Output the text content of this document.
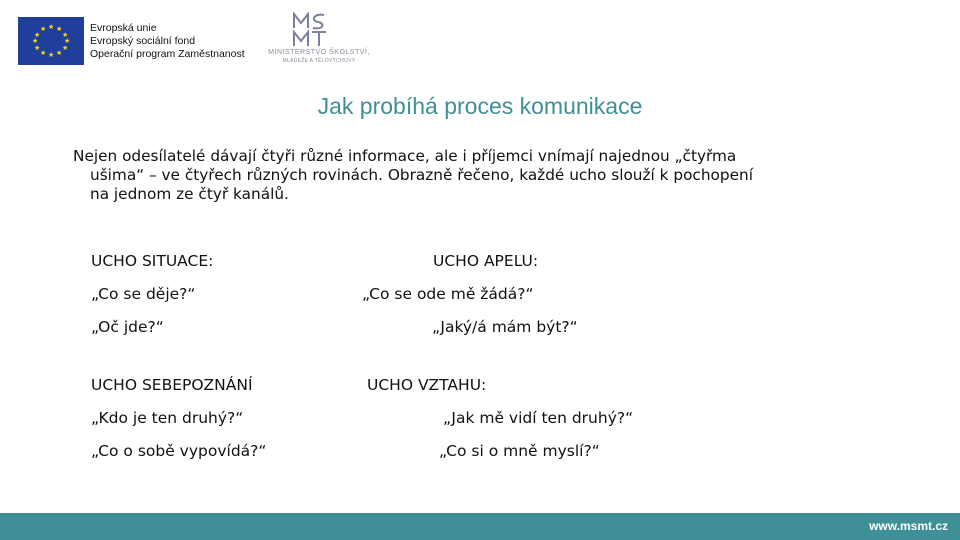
★ ★
★
★
★
★
★
★
★
★
★
★	Evropská unie
Evropský sociální fond
Operační program Zaměstnanost	MINISTERSTVO ŠKOLSTVÍ,
MLÁDEŽE A TĚLOVÝCHOVY
Jak probíhá proces komunikace
Nejen odesílatelé dávají čtyři různé informace, ale i příjemci vnímají najednou „čtyřma
ušima“ – ve čtyřech různých rovinách. Obrazně řečeno, každé ucho slouží k pochopení
na jednom ze čtyř kanálů.
UCHO SITUACE:
„Co se děje?“
„Oč jde?“
UCHO APELU:
„Co se ode mě žádá?“
„Jaký/á mám být?“
UCHO SEBEPOZNÁNÍ
„Kdo je ten druhý?“
„Co o sobě vypovídá?“
UCHO VZTAHU:
„Jak mě vidí ten druhý?“
„Co si o mně myslí?“
www.msmt.cz
